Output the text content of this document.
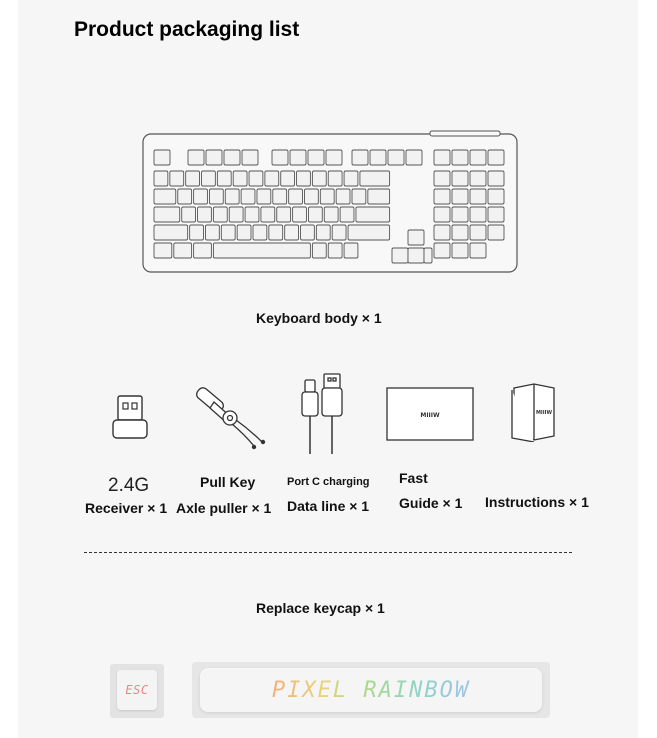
Product packaging list
Keyboard body × 1
2.4G
Receiver × 1
Pull Key
Axle puller × 1
Port C charging
Data line × 1
MIIIW
Fast
Guide × 1
MIIIW
Instructions × 1
Replace keycap × 1
ESC	PIXEL RAINBOW
